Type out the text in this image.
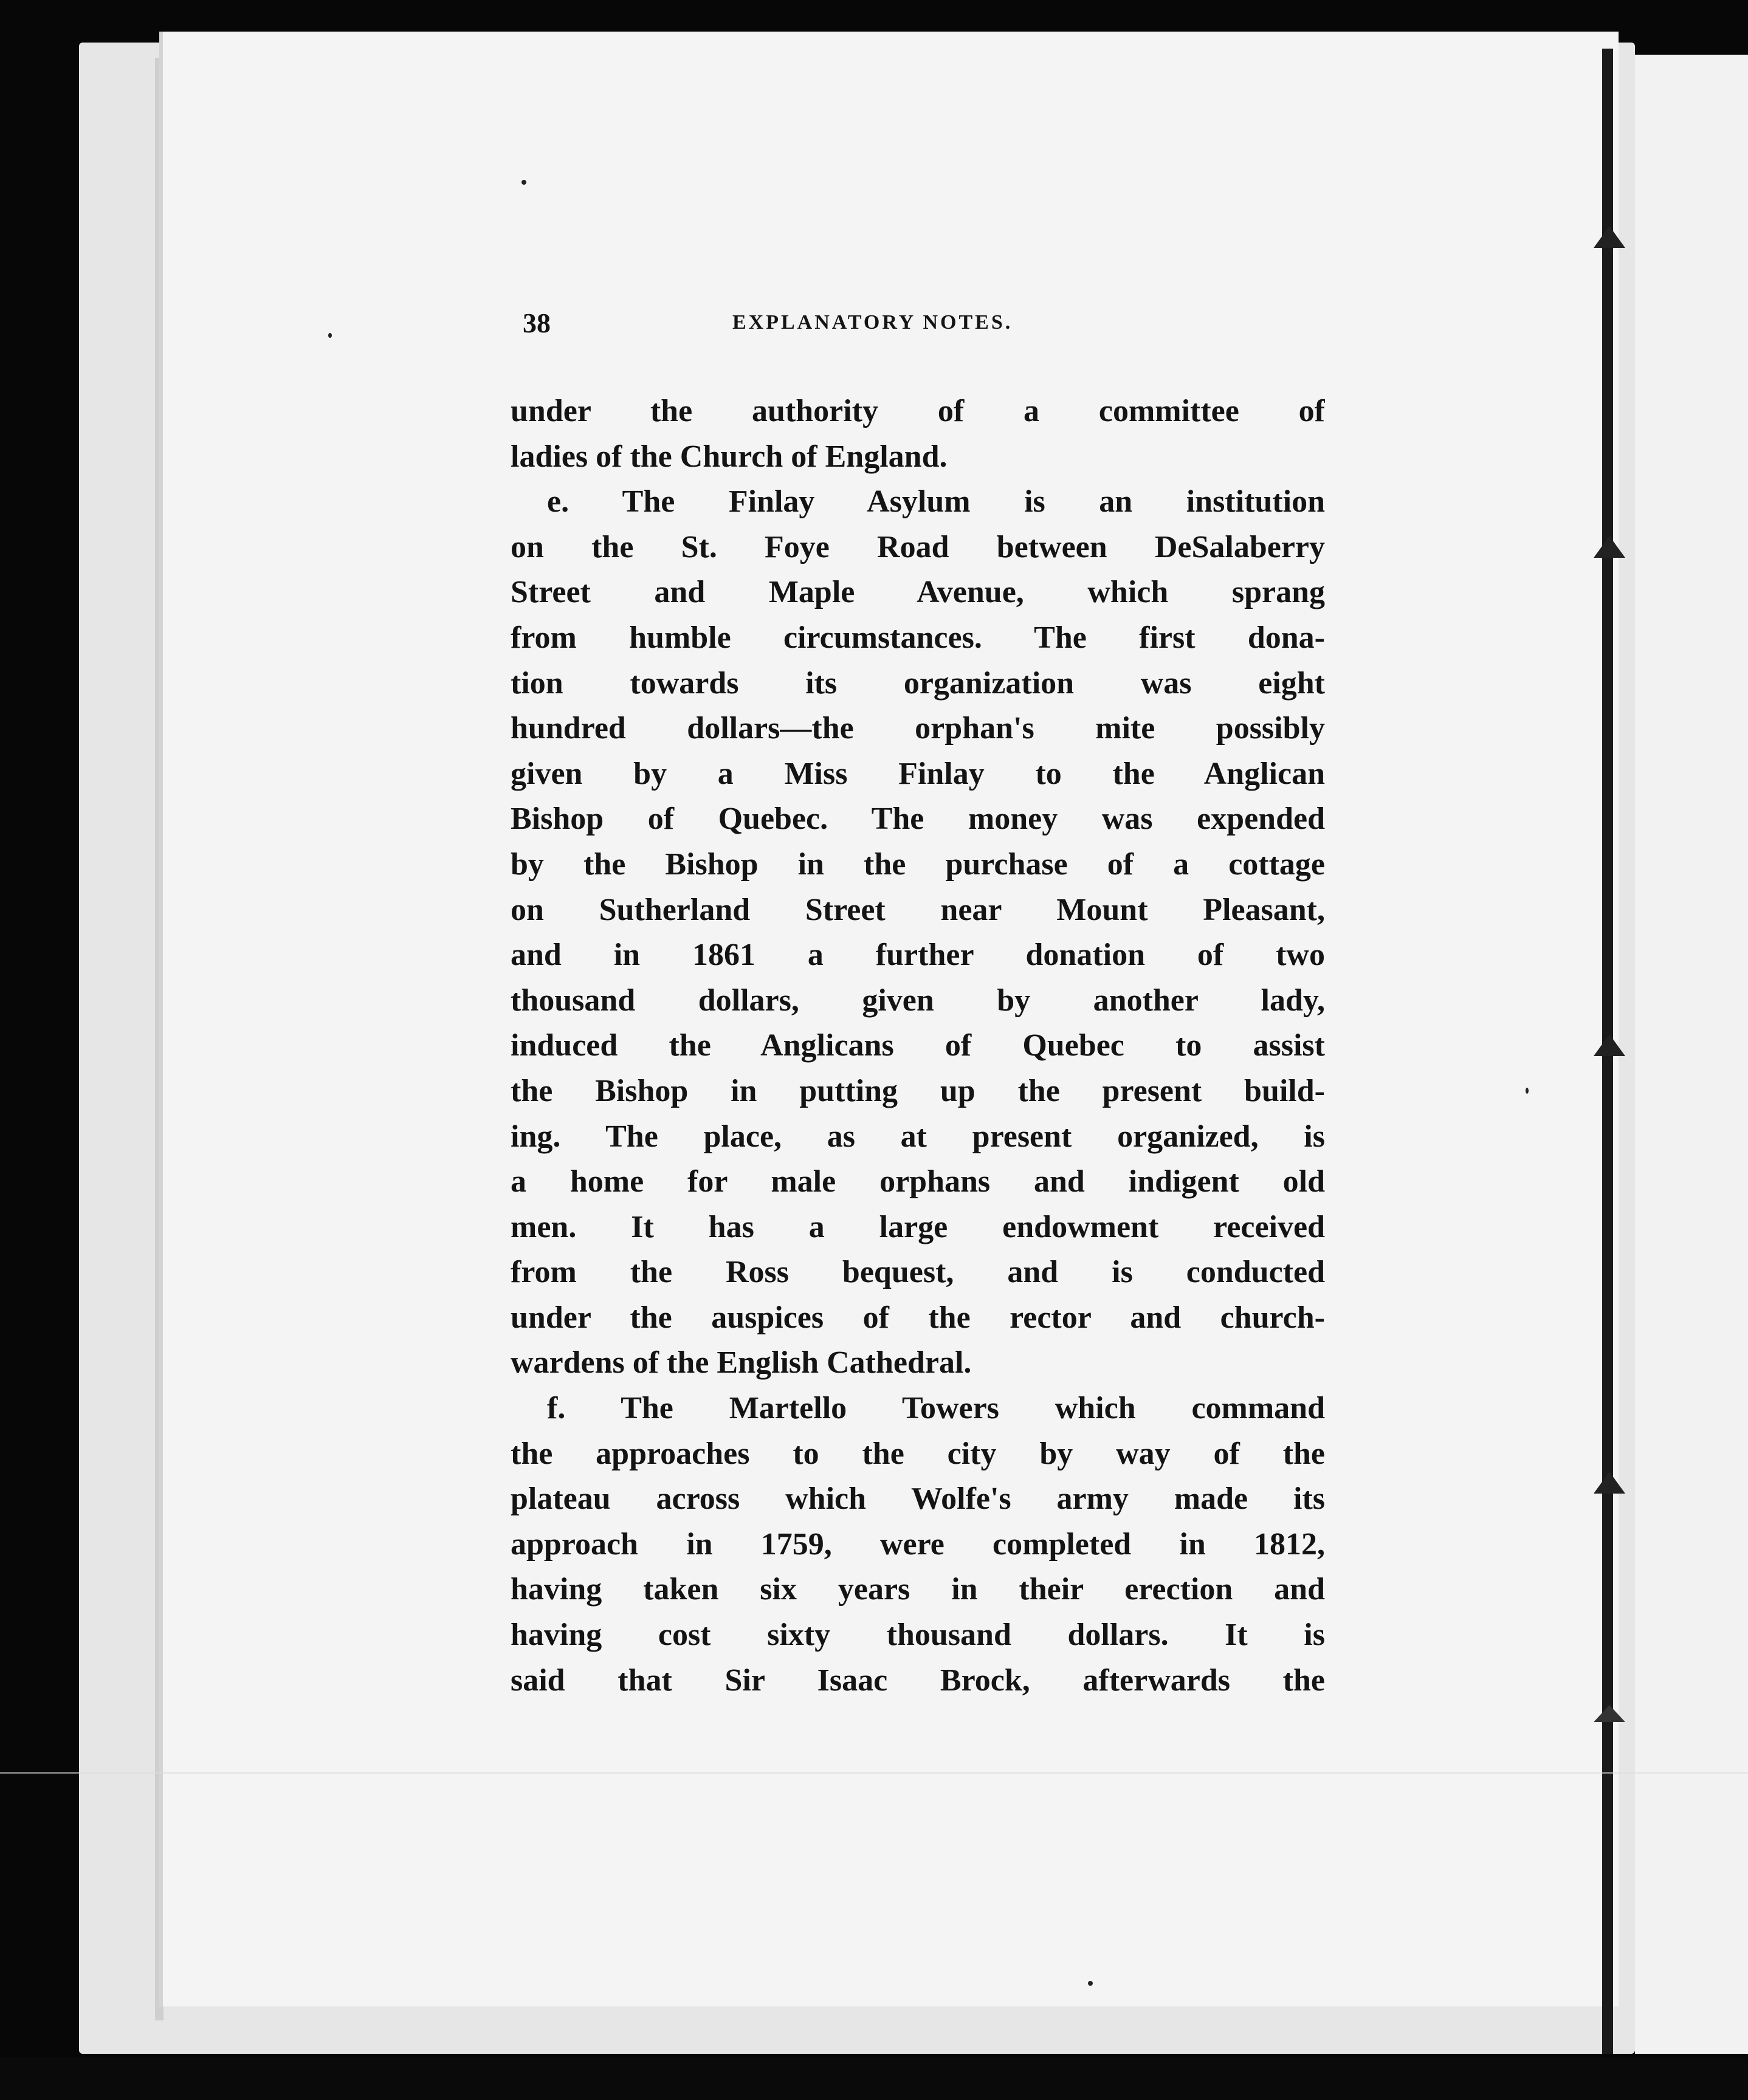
38	EXPLANATORY NOTES.
under the authority of a committee of
ladies of the Church of England.
e. The Finlay Asylum is an institution
on the St. Foye Road between DeSalaberry
Street and Maple Avenue, which sprang
from humble circumstances. The first dona-
tion towards its organization was eight
hundred dollars—the orphan's mite possibly
given by a Miss Finlay to the Anglican
Bishop of Quebec. The money was expended
by the Bishop in the purchase of a cottage
on Sutherland Street near Mount Pleasant,
and in 1861 a further donation of two
thousand dollars, given by another lady,
induced the Anglicans of Quebec to assist
the Bishop in putting up the present build-
ing. The place, as at present organized, is
a home for male orphans and indigent old
men. It has a large endowment received
from the Ross bequest, and is conducted
under the auspices of the rector and church-
wardens of the English Cathedral.
f. The Martello Towers which command
the approaches to the city by way of the
plateau across which Wolfe's army made its
approach in 1759, were completed in 1812,
having taken six years in their erection and
having cost sixty thousand dollars. It is
said that Sir Isaac Brock, afterwards the
